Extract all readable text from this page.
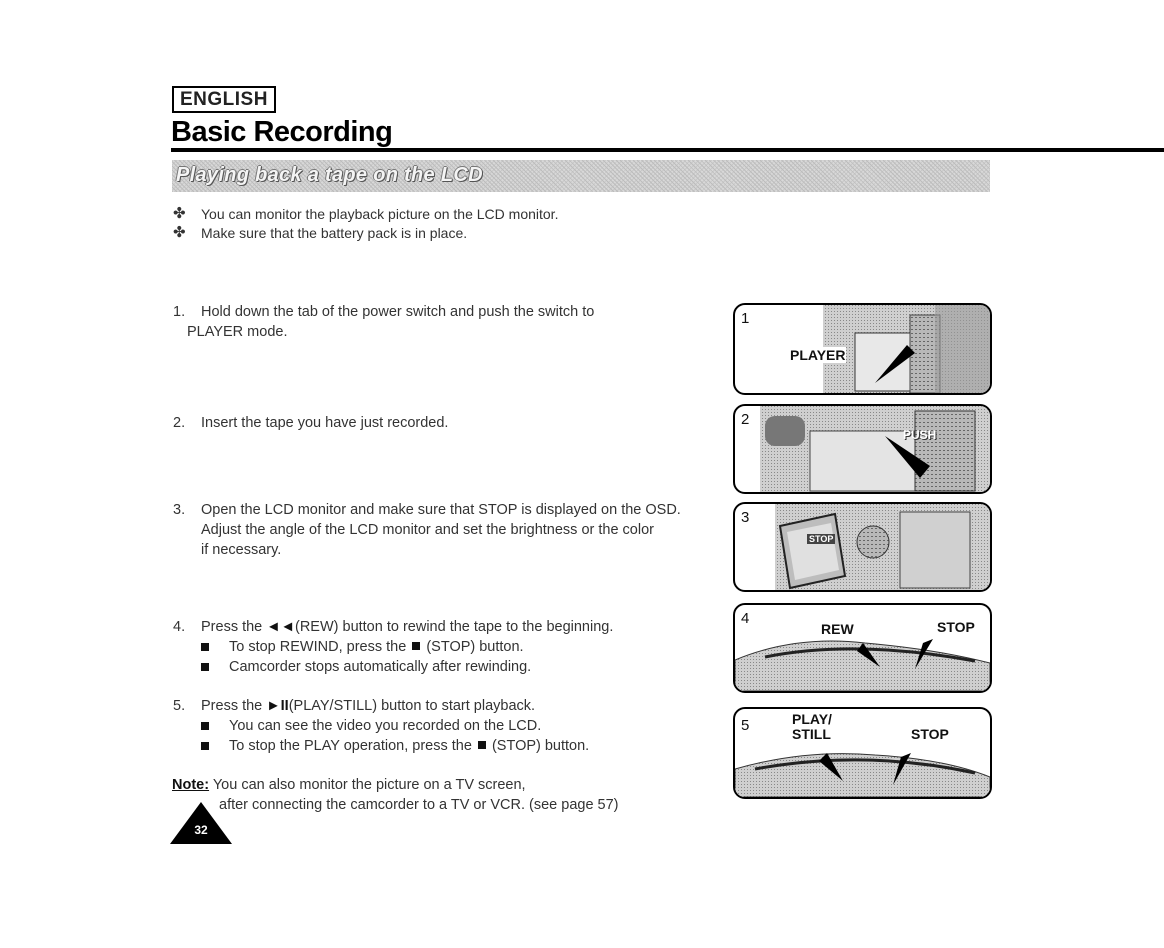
ENGLISH
Basic Recording
Playing back a tape on the LCD
✤ You can monitor the playback picture on the LCD monitor.
✤ Make sure that the battery pack is in place.
1. Hold down the tab of the power switch and push the switch to
PLAYER mode.
2. Insert the tape you have just recorded.
3. Open the LCD monitor and make sure that STOP is displayed on the OSD.
Adjust the angle of the LCD monitor and set the brightness or the color
if necessary.
4. Press the ◄◄(REW) button to rewind the tape to the beginning.
To stop REWIND, press the (STOP) button.
Camcorder stops automatically after rewinding.
5. Press the ►II(PLAY/STILL) button to start playback.
You can see the video you recorded on the LCD.
To stop the PLAY operation, press the (STOP) button.
Note: You can also monitor the picture on a TV screen,
after connecting the camcorder to a TV or VCR. (see page 57)
32
1
PLAYER
2
PUSH
3
STOP
4
REW	STOP
5	PLAY/
STILL	STOP
